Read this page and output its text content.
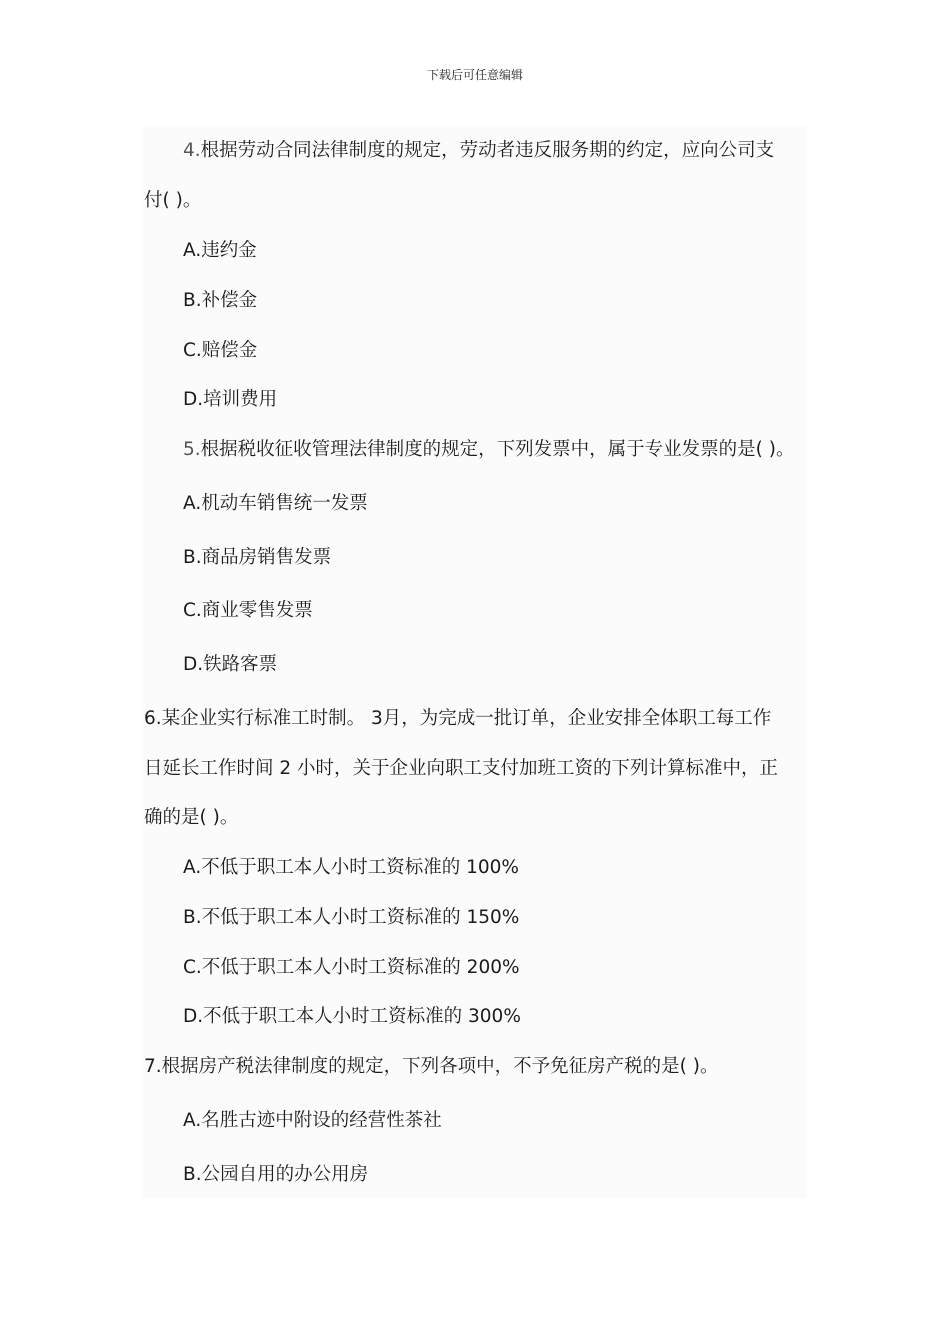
下载后可任意编辑
4.根据劳动合同法律制度的规定，劳动者违反服务期的约定，应向公司支
付( )。
A.违约金
B.补偿金
C.赔偿金
D.培训费用
5.根据税收征收管理法律制度的规定，下列发票中，属于专业发票的是( )。
A.机动车销售统一发票
B.商品房销售发票
C.商业零售发票
D.铁路客票
6.某企业实行标准工时制。 3月，为完成一批订单，企业安排全体职工每工作
日延长工作时间 2 小时，关于企业向职工支付加班工资的下列计算标准中，正
确的是( )。
A.不低于职工本人小时工资标准的 100%
B.不低于职工本人小时工资标准的 150%
C.不低于职工本人小时工资标准的 200%
D.不低于职工本人小时工资标准的 300%
7.根据房产税法律制度的规定，下列各项中，不予免征房产税的是( )。
A.名胜古迹中附设的经营性茶社
B.公园自用的办公用房
